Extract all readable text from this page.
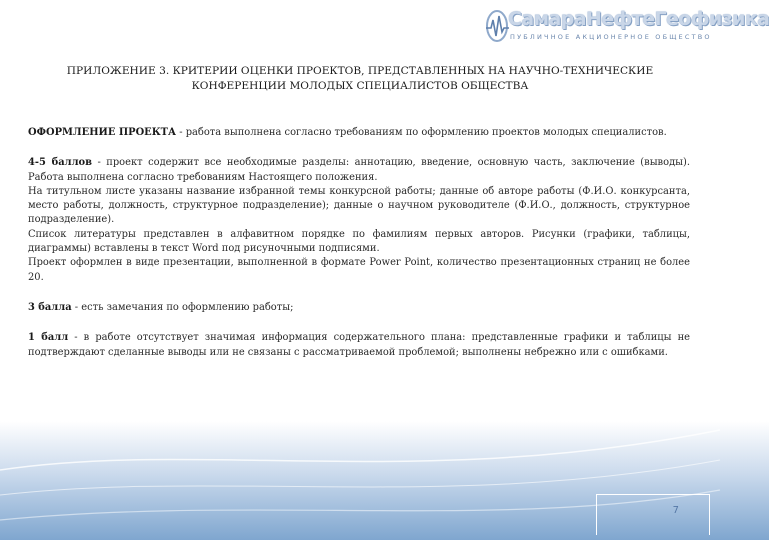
СамараНефтеГеофизика
ПУБЛИЧНОЕ АКЦИОНЕРНОЕ ОБЩЕСТВО
ПРИЛОЖЕНИЕ 3. КРИТЕРИИ ОЦЕНКИ ПРОЕКТОВ, ПРЕДСТАВЛЕННЫХ НА НАУЧНО-ТЕХНИЧЕСКИЕ
КОНФЕРЕНЦИИ МОЛОДЫХ СПЕЦИАЛИСТОВ ОБЩЕСТВА

ОФОРМЛЕНИЕ ПРОЕКТА - работа выполнена согласно требованиям по оформлению проектов молодых специалистов.

4-5 баллов - проект содержит все необходимые разделы: аннотацию, введение, основную часть, заключение (выводы). Работа выполнена согласно требованиям Настоящего положения.

На титульном листе указаны название избранной темы конкурсной работы; данные об авторе работы (Ф.И.О. конкурсанта, место работы, должность, структурное подразделение); данные о научном руководителе (Ф.И.О., должность, структурное подразделение).

Список литературы представлен в алфавитном порядке по фамилиям первых авторов. Рисунки (графики, таблицы, диаграммы) вставлены в текст Word под рисуночными подписями.

Проект оформлен в виде презентации, выполненной в формате Power Point, количество презентационных страниц не более 20.

3 балла - есть замечания по оформлению работы;

1 балл - в работе отсутствует значимая информация содержательного плана: представленные графики и таблицы не подтверждают сделанные выводы или не связаны с рассматриваемой проблемой; выполнены небрежно или с ошибками.

7
